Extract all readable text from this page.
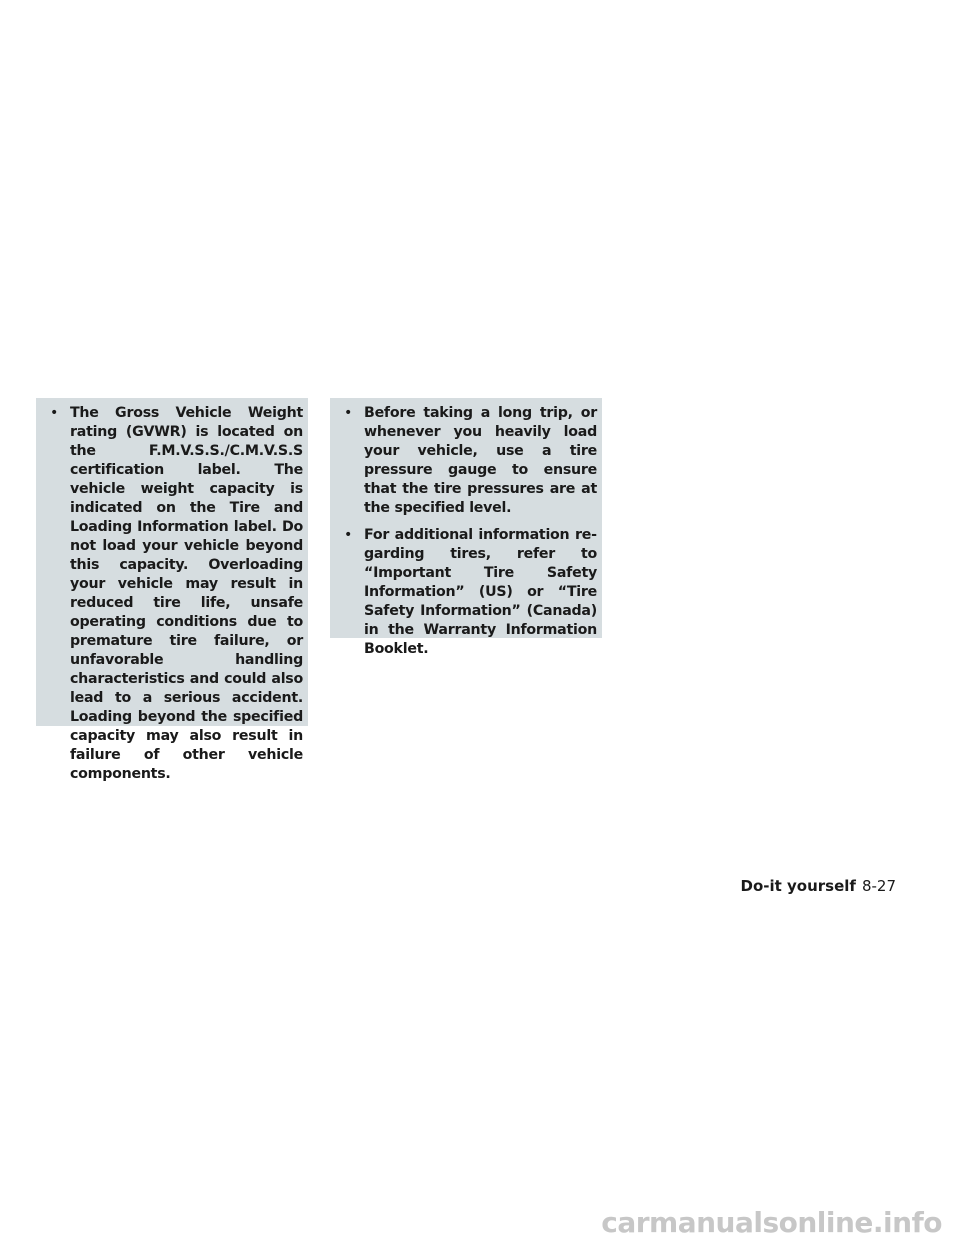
• The Gross Vehicle Weight rating (GVWR) is located on the F.M.V.S.S./C.M.V.S.S certification label. The vehicle weight capacity is indicated on the Tire and Loading Information label. Do not load your vehicle beyond this capacity. Overloading your vehicle may result in reduced tire life, unsafe operating conditions due to premature tire failure, or unfavorable handling characteristics and could also lead to a serious accident. Loading beyond the specified capacity may also result in failure of other vehicle components.

• Before taking a long trip, or whenever you heavily load your vehicle, use a tire pressure gauge to ensure that the tire pressures are at the specified level.

• For additional information regarding tires, refer to “Important Tire Safety Information” (US) or “Tire Safety Information” (Canada) in the Warranty Information Booklet.

Do-it yourself 8-27
carmanualsonline.info
